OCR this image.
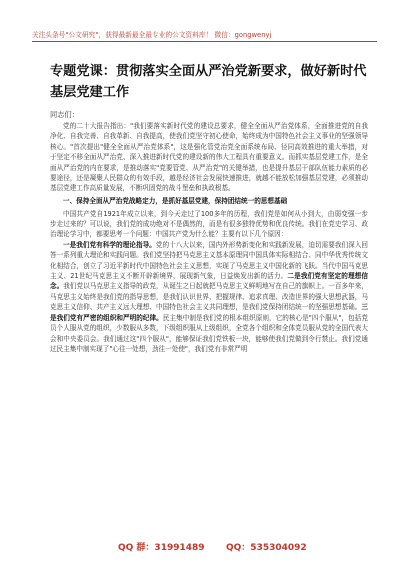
关注头条号"公文研究"，获得最新最全最专业的公文资料库！ 微信：gongwenyj
专题党课：贯彻落实全面从严治党新要求，做好新时代基层党建工作
同志们：

党的二十大报告指出："我们要落实新时代党的建设总要求，健全全面从严治党体系，全面推进党的自我净化、自我完善、自我革新、自我提高，使我们党坚守初心使命，始终成为中国特色社会主义事业的坚强领导核心。"首次提出"健全全面从严治党体系"，这是强化管党治党全面系统布局、径同高效推进的重大举措，对于坚定不移全面从严治党、深入推进新时代党的建设新的伟大工程具有重要意义。而抓实基层党建工作，是全面从严治党的内在要求，是推动落实"党要管党、从严治党"的关键举措，也是提升基层干部队伍能力素质的必要途径，还是凝聚人民群众的有效手段，越是经济社会发展快速推进，就越不能放松加强基层党建，必须推动基层党建工作高质量发展，不断巩固党的战斗堡垒和执政根基。

一、保持全面从严治党战略定力，是抓好基层党建，保持团结统一的思想基础

中国共产党自1921年成立以来，到今天走过了100多年的历程，我们党是如何从小到大，由弱变强一步步走过来的？可以说，我们党的成功绝对不是偶然的，而是有很多独特优势和优良传统。我们在党史学习、政治理论学习中，都要思考一个问题：中国共产党为什么能？主要有以下几个原因：

一是我们党有科学的理论指导。党的十八大以来，国内外形势新变化和实践新发展，迫切需要我们深入回答一系列重大理论和实践问题。我们党坚持把马克思主义基本原理同中国具体实际相结合、同中华优秀传统文化相结合，创立了习近平新时代中国特色社会主义思想，实现了马克思主义中国化新的飞跃。当代中国马克思主义、21世纪马克思主义不断开辟新境界，展现新气象，日益焕发出新的活力。二是我们党有坚定的理想信念。我们党以马克思主义指导的政党，从诞生之日起就把马克思主义鲜明地写在自己的旗帜上。一百多年来，马克思主义始终是我们党的指导思想，是我们认识世界、把握规律、追求真理、改造世界的强大思想武器，马克思主义信仰、共产主义远大理想、中国特色社会主义共同理想，是我们党保持团结统一的坚强思想基础。三是我们党有严密的组织和严明的纪律。民主集中制是我们党的根本组织原则，它的核心是"四个服从"，包括党员个人服从党的组织，少数服从多数，下级组织服从上级组织，全党各个组织和全体党员服从党的全国代表大会和中央委员会。我们通过这"四个服从"，能够保证我们党铁板一块，能够使我们党做到令行禁止。我们党通过民主集中制实现了"心往一处想，劲往一处使"，我们党有非常严明

QQ 群：31991489 QQ：535304092
